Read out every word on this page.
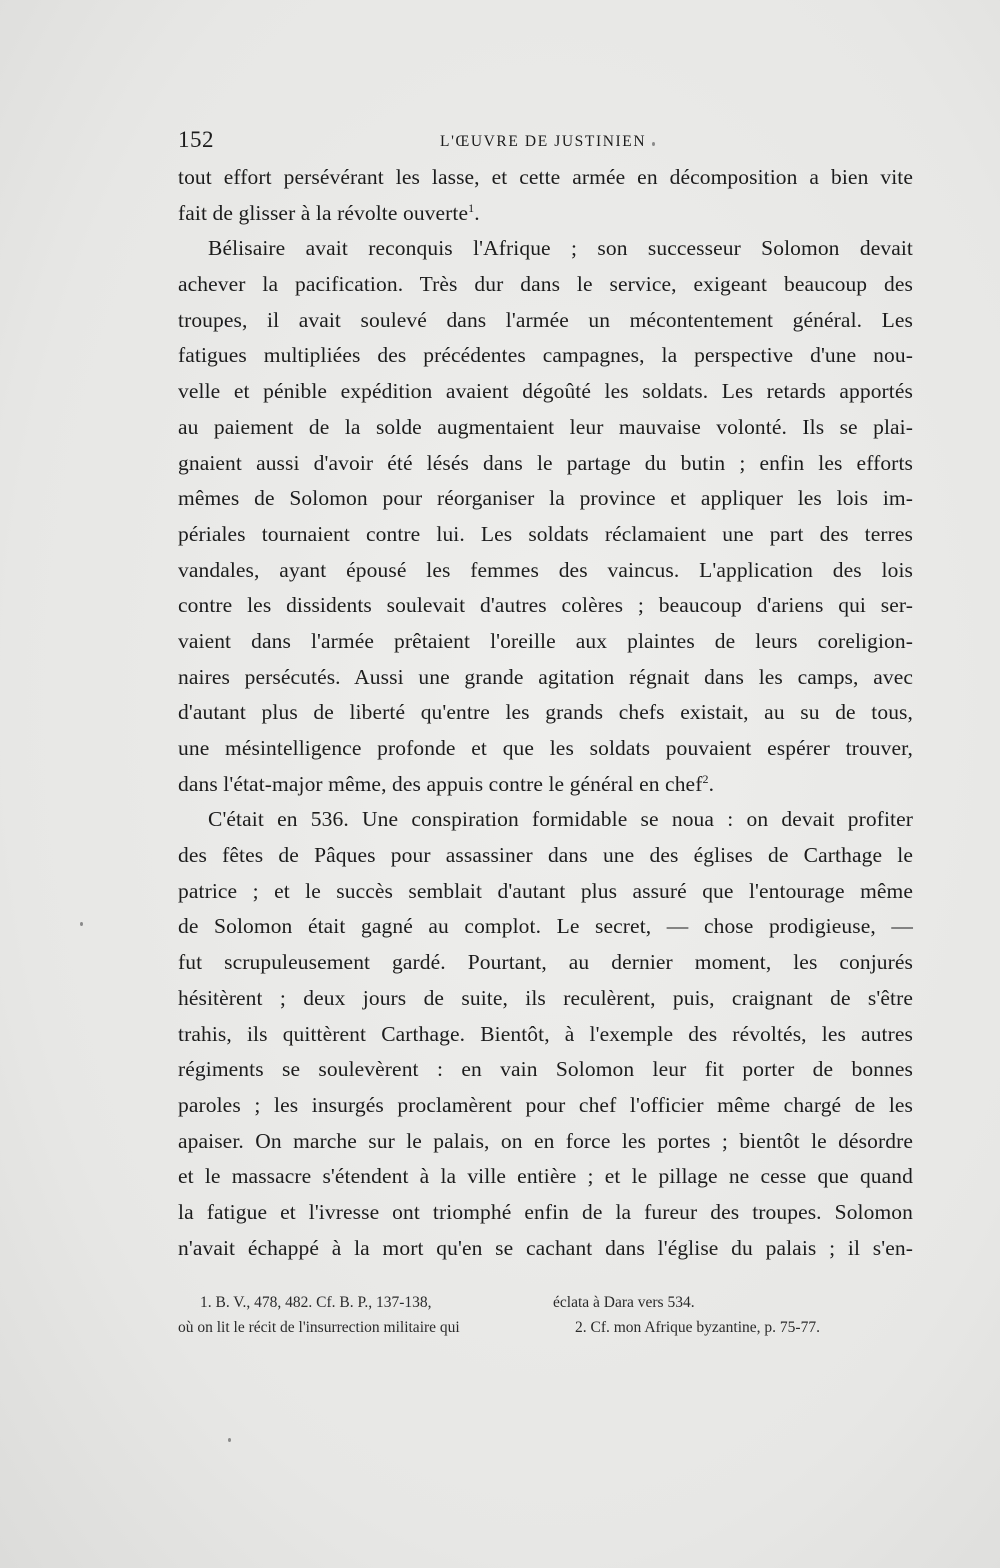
152	L'ŒUVRE DE JUSTINIEN
tout effort persévérant les lasse, et cette armée en décomposition a bien vite
fait de glisser à la révolte ouverte$^1$.
Bélisaire avait reconquis l'Afrique ; son successeur Solomon devait
achever la pacification. Très dur dans le service, exigeant beaucoup des
troupes, il avait soulevé dans l'armée un mécontentement général. Les
fatigues multipliées des précédentes campagnes, la perspective d'une nou-
velle et pénible expédition avaient dégoûté les soldats. Les retards apportés
au paiement de la solde augmentaient leur mauvaise volonté. Ils se plai-
gnaient aussi d'avoir été lésés dans le partage du butin ; enfin les efforts
mêmes de Solomon pour réorganiser la province et appliquer les lois im-
périales tournaient contre lui. Les soldats réclamaient une part des terres
vandales, ayant épousé les femmes des vaincus. L'application des lois
contre les dissidents soulevait d'autres colères ; beaucoup d'ariens qui ser-
vaient dans l'armée prêtaient l'oreille aux plaintes de leurs coreligion-
naires persécutés. Aussi une grande agitation régnait dans les camps, avec
d'autant plus de liberté qu'entre les grands chefs existait, au su de tous,
une mésintelligence profonde et que les soldats pouvaient espérer trouver,
dans l'état-major même, des appuis contre le général en chef$^2$.
C'était en 536. Une conspiration formidable se noua : on devait profiter
des fêtes de Pâques pour assassiner dans une des églises de Carthage le
patrice ; et le succès semblait d'autant plus assuré que l'entourage même
de Solomon était gagné au complot. Le secret, — chose prodigieuse, —
fut scrupuleusement gardé. Pourtant, au dernier moment, les conjurés
hésitèrent ; deux jours de suite, ils reculèrent, puis, craignant de s'être
trahis, ils quittèrent Carthage. Bientôt, à l'exemple des révoltés, les autres
régiments se soulevèrent : en vain Solomon leur fit porter de bonnes
paroles ; les insurgés proclamèrent pour chef l'officier même chargé de les
apaiser. On marche sur le palais, on en force les portes ; bientôt le désordre
et le massacre s'étendent à la ville entière ; et le pillage ne cesse que quand
la fatigue et l'ivresse ont triomphé enfin de la fureur des troupes. Solomon
n'avait échappé à la mort qu'en se cachant dans l'église du palais ; il s'en-
1. B. V., 478, 482. Cf. B. P., 137-138,
où on lit le récit de l'insurrection militaire qui
éclata à Dara vers 534.
2. Cf. mon Afrique byzantine, p. 75-77.
